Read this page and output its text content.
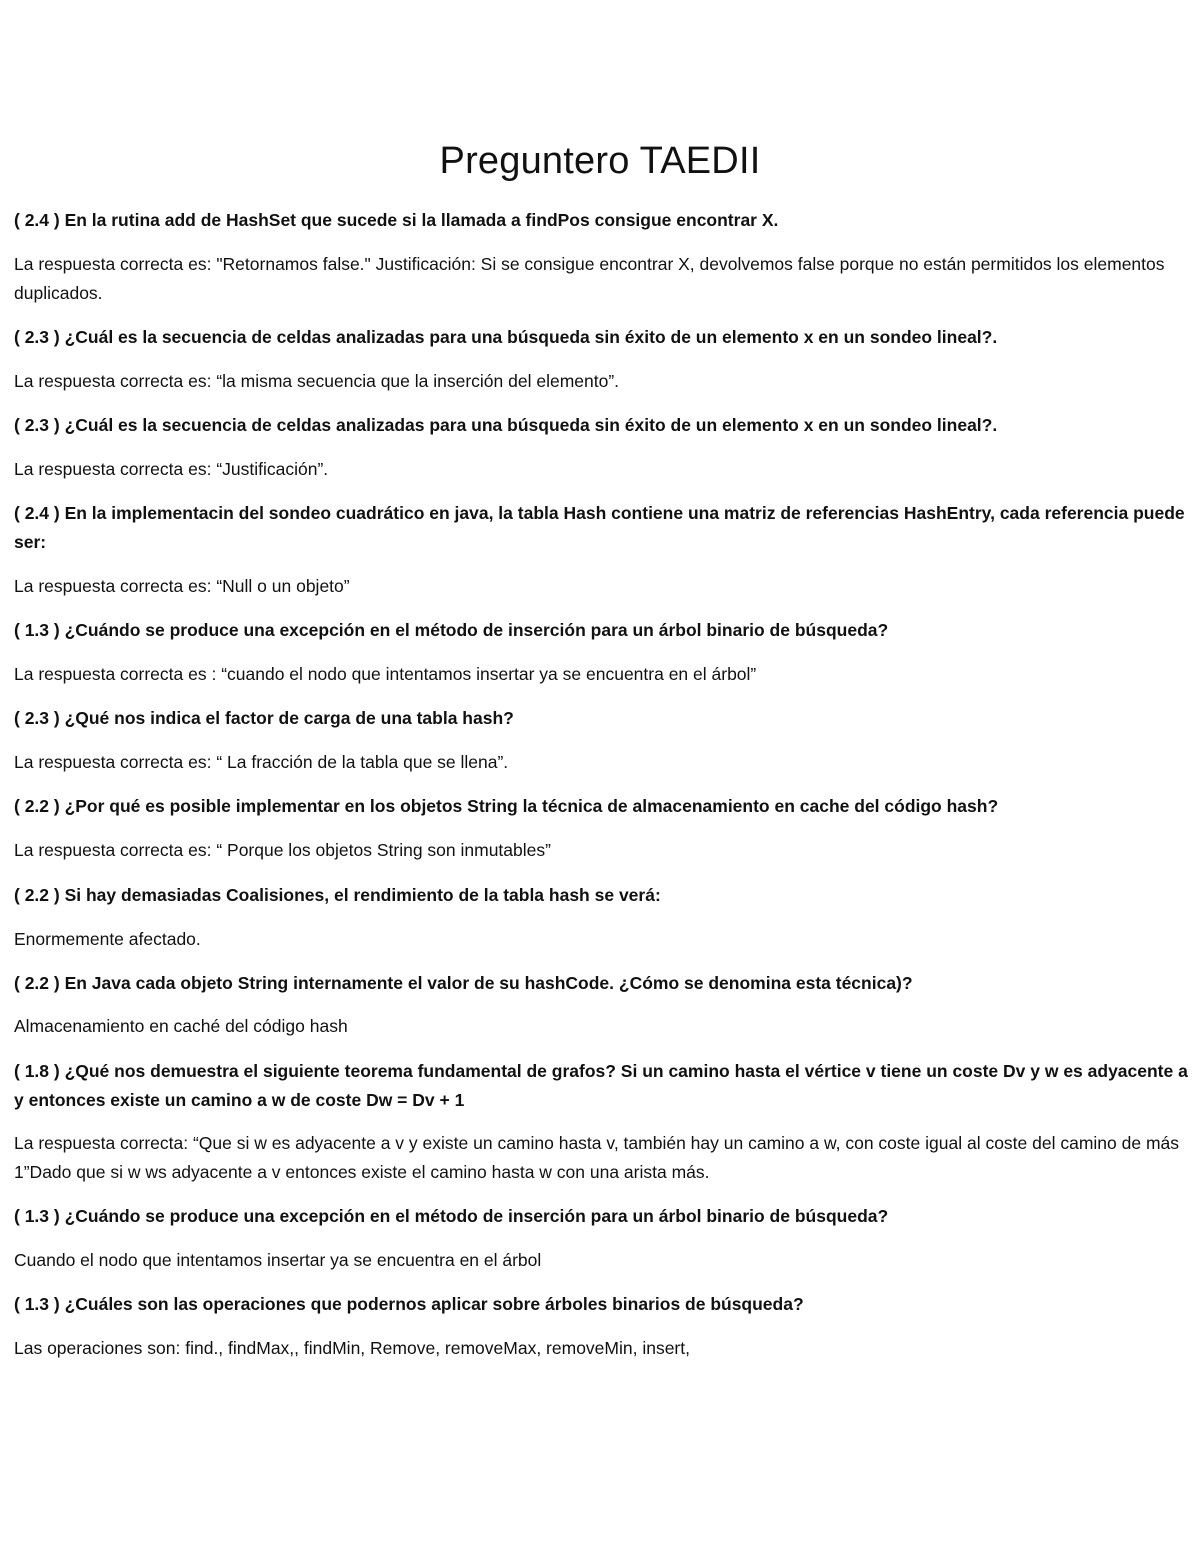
Preguntero TAEDII

( 2.4 ) En la rutina add de HashSet que sucede si la llamada a findPos consigue encontrar X.

La respuesta correcta es: "Retornamos false." Justificación: Si se consigue encontrar X, devolvemos false porque no están permitidos los elementos duplicados.

( 2.3 ) ¿Cuál es la secuencia de celdas analizadas para una búsqueda sin éxito de un elemento x en un sondeo lineal?.

La respuesta correcta es: “la misma secuencia que la inserción del elemento”.

( 2.3 ) ¿Cuál es la secuencia de celdas analizadas para una búsqueda sin éxito de un elemento x en un sondeo lineal?.

La respuesta correcta es: “Justificación”.

( 2.4 ) En la implementacin del sondeo cuadrático en java, la tabla Hash contiene una matriz de referencias HashEntry, cada referencia puede ser:

La respuesta correcta es: “Null o un objeto”

( 1.3 ) ¿Cuándo se produce una excepción en el método de inserción para un árbol binario de búsqueda?

La respuesta correcta es : “cuando el nodo que intentamos insertar ya se encuentra en el árbol”

( 2.3 ) ¿Qué nos indica el factor de carga de una tabla hash?

La respuesta correcta es: “ La fracción de la tabla que se llena”.

( 2.2 ) ¿Por qué es posible implementar en los objetos String la técnica de almacenamiento en cache del código hash?

La respuesta correcta es: “ Porque los objetos String son inmutables”

( 2.2 ) Si hay demasiadas Coalisiones, el rendimiento de la tabla hash se verá:

Enormemente afectado.

( 2.2 ) En Java cada objeto String internamente el valor de su hashCode. ¿Cómo se denomina esta técnica)?

Almacenamiento en caché del código hash

( 1.8 ) ¿Qué nos demuestra el siguiente teorema fundamental de grafos? Si un camino hasta el vértice v tiene un coste Dv y w es adyacente a y entonces existe un camino a w de coste Dw = Dv + 1

La respuesta correcta: “Que si w es adyacente a v y existe un camino hasta v, también hay un camino a w, con coste igual al coste del camino de más 1”Dado que si w ws adyacente a v entonces existe el camino hasta w con una arista más.

( 1.3 ) ¿Cuándo se produce una excepción en el método de inserción para un árbol binario de búsqueda?

Cuando el nodo que intentamos insertar ya se encuentra en el árbol

( 1.3 ) ¿Cuáles son las operaciones que podernos aplicar sobre árboles binarios de búsqueda?

Las operaciones son: find., findMax,, findMin, Remove, removeMax, removeMin, insert,
